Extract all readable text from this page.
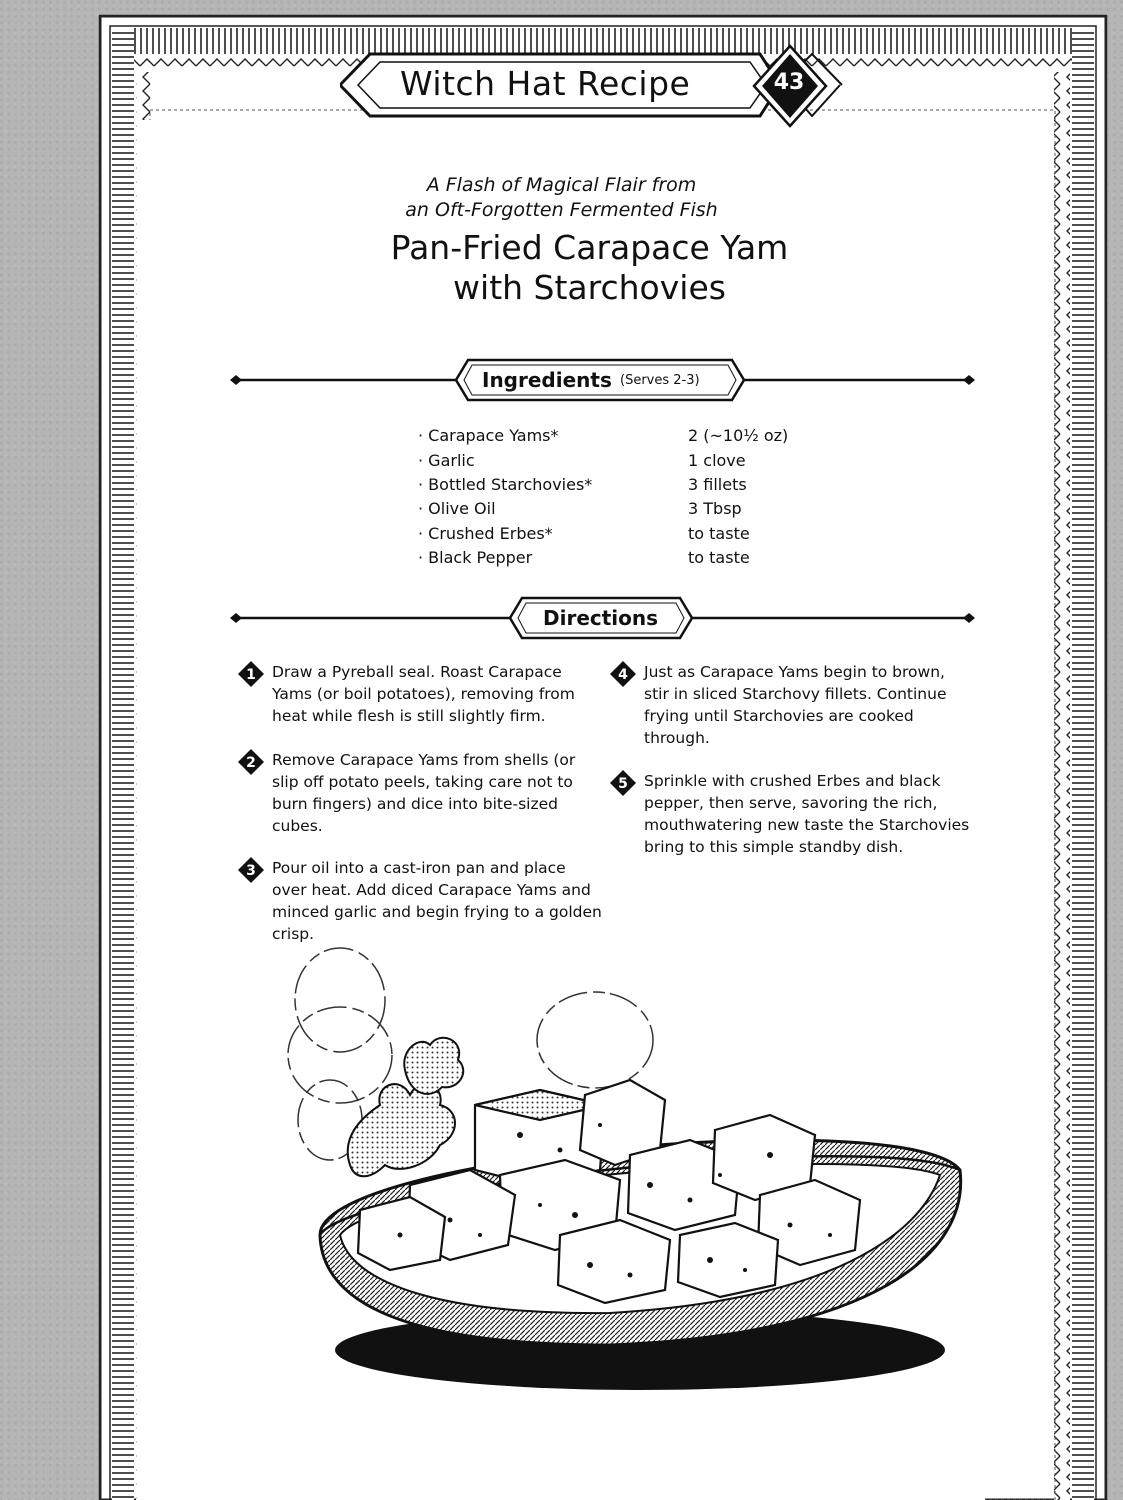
Witch Hat Recipe	43

A Flash of Magical Flair from

an Oft-Forgotten Fermented Fish

Pan-Fried Carapace Yam

with Starchovies

Ingredients (Serves 2-3)

· Carapace Yams*	2 (~10½ oz)
· Garlic	1 clove
· Bottled Starchovies*	3 fillets
· Olive Oil	3 Tbsp
· Crushed Erbes*	to taste
· Black Pepper	to taste

Directions

1	Draw a Pyreball seal. Roast Carapace Yams (or boil potatoes), removing from heat while flesh is still slightly firm.
2	Remove Carapace Yams from shells (or slip off potato peels, taking care not to burn fingers) and dice into bite-sized cubes.
3	Pour oil into a cast-iron pan and place over heat. Add diced Carapace Yams and minced garlic and begin frying to a golden crisp.
4	Just as Carapace Yams begin to brown, stir in sliced Starchovy fillets. Continue frying until Starchovies are cooked through.
5	Sprinkle with crushed Erbes and black pepper, then serve, savoring the rich, mouthwatering new taste the Starchovies bring to this simple standby dish.
